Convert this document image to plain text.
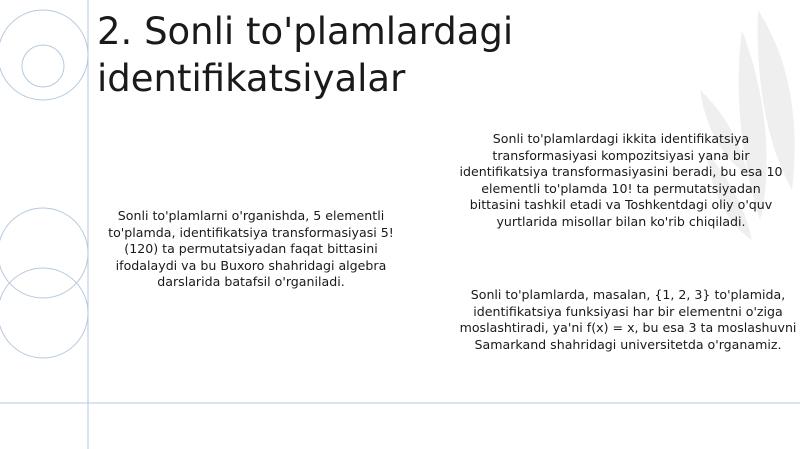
2. Sonli to'plamlardagi identifikatsiyalar

Sonli to'plamlarni o'rganishda, 5 elementli to'plamda, identifikatsiya transformasiyasi 5! (120) ta permutatsiyadan faqat bittasini ifodalaydi va bu Buxoro shahridagi algebra darslarida batafsil o'rganiladi.

Sonli to'plamlardagi ikkita identifikatsiya transformasiyasi kompozitsiyasi yana bir identifikatsiya transformasiyasini beradi, bu esa 10 elementli to'plamda 10! ta permutatsiyadan bittasini tashkil etadi va Toshkentdagi oliy o'quv yurtlarida misollar bilan ko'rib chiqiladi.

Sonli to'plamlarda, masalan, {1, 2, 3} to'plamida, identifikatsiya funksiyasi har bir elementni o'ziga moslashtiradi, ya'ni f(x) = x, bu esa 3 ta moslashuvni Samarkand shahridagi universitetda o'rganamiz.
